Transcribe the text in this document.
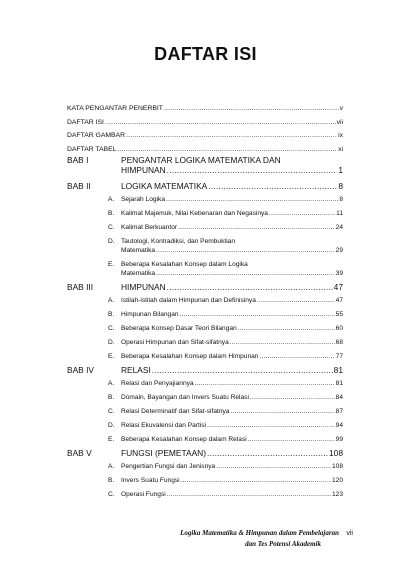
DAFTAR ISI
KATA PENGANTAR PENERBIT .....	v
DAFTAR ISI .....	vii
DAFTAR GAMBAR .....	ix
DAFTAR TABEL .....	xi
BAB I	PENGANTAR LOGIKA MATEMATIKA DAN
HIMPUNAN .....	1
BAB II	LOGIKA MATEMATIKA .....	8
A. Sejarah Logika .....	8
B. Kalimat Majemuk, Nilai Kebenaran dan Negasinya .....	11
C. Kalimat Berkuantor .....	24
D. Tautologi, Kontradiksi, dan Pembuktian
Matematika .....	29
E. Beberapa Kesalahan Konsep dalam Logika
Matematika .....	39
BAB III	HIMPUNAN .....	47
A. Istilah-istilah dalam Himpunan dan Definisinya .....	47
B. Himpunan Bilangan .....	55
C. Beberapa Konsep Dasar Teori Bilangan .....	60
D. Operasi Himpunan dan Sifat-sifatnya .....	68
E. Beberapa Kesalahan Konsep dalam Himpunan .....	77
BAB IV	RELASI .....	81
A. Relasi dan Penyajiannya .....	81
B. Domain, Bayangan dan Invers Suatu Relasi .....	84
C. Relasi Determinatif dan Sifat-sifatnya .....	87
D. Relasi Ekuvalensi dan Partisi .....	94
E. Beberapa Kesalahan Konsep dalam Relasi .....	99
BAB V	FUNGSI (PEMETAAN) .....	108
A. Pengertian Fungsi dan Jenisnya .....	108
B. Invers Suatu Fungsi .....	120
C. Operasi Fungsi .....	123
Logika Matematika & Himpunan dalam Pembelajaran
dan Tes Potensi Akademik
vii
